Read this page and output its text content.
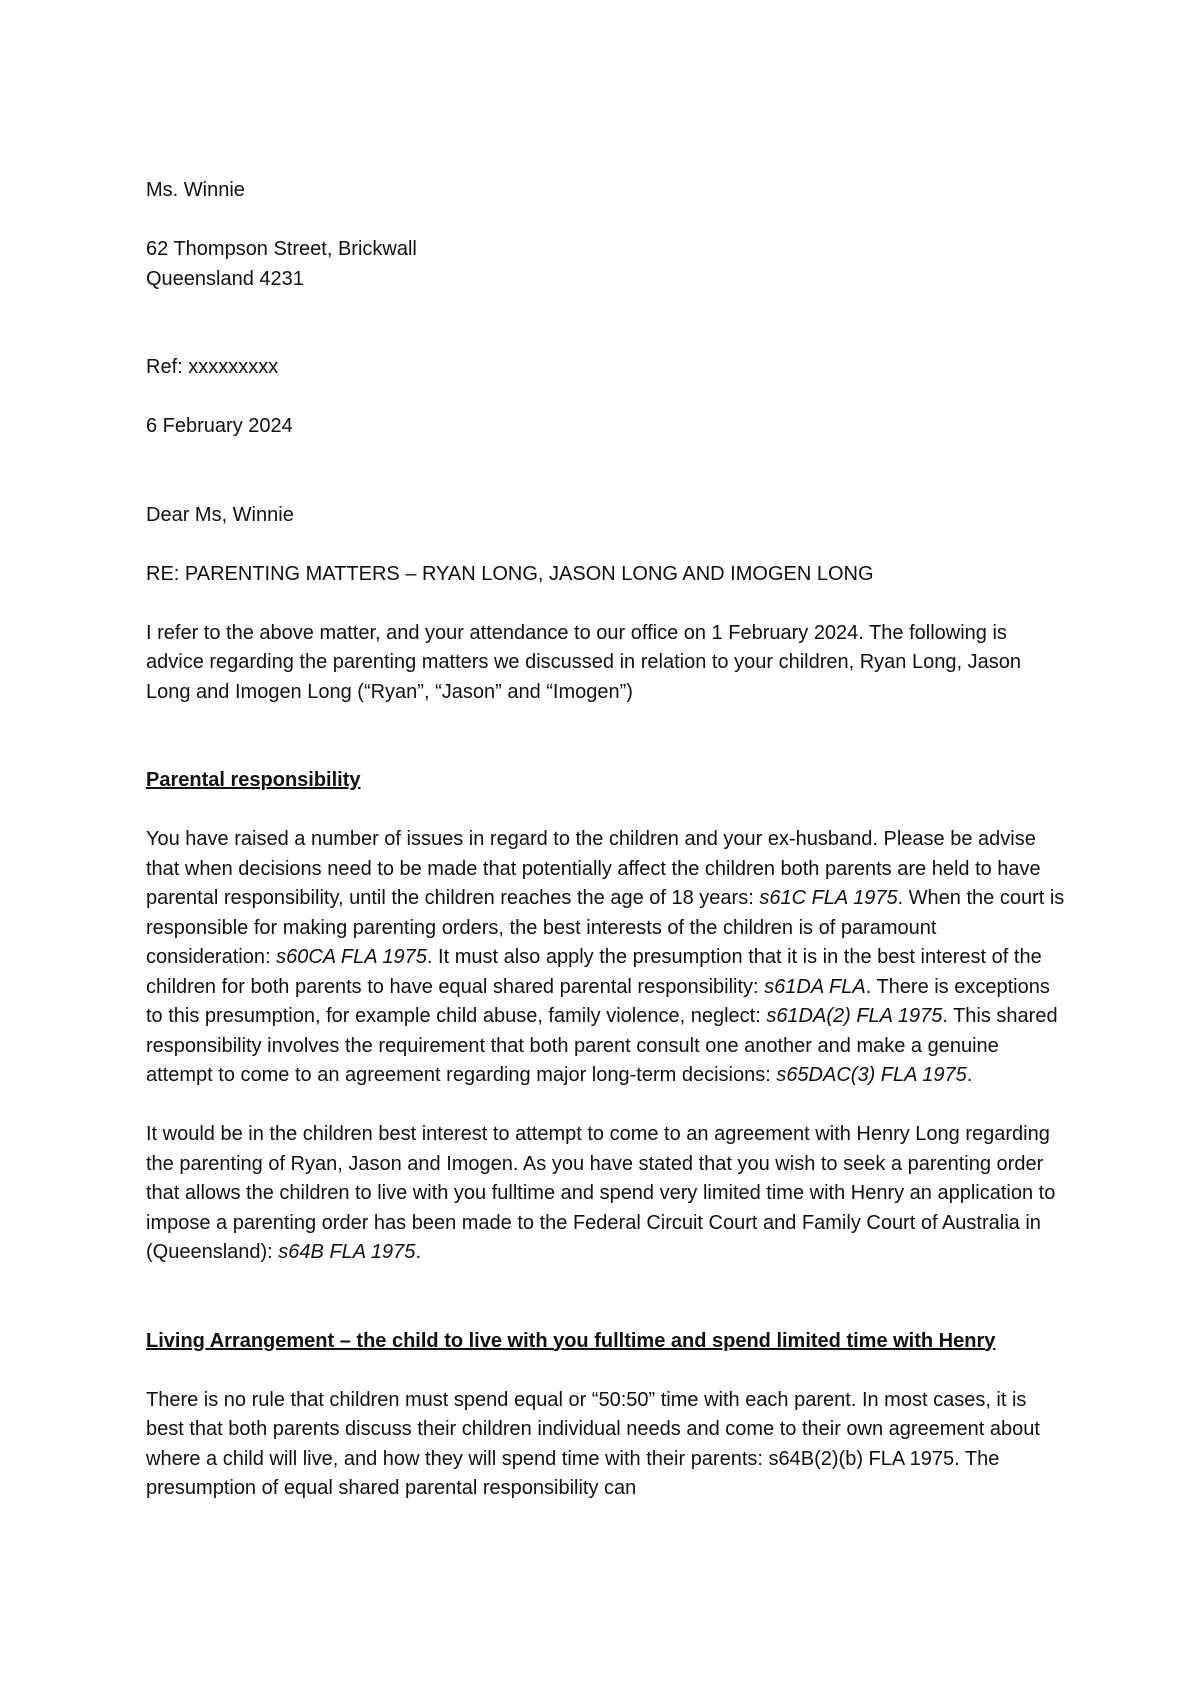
Ms. Winnie

62 Thompson Street, Brickwall
Queensland 4231

Ref: xxxxxxxxx

6 February 2024

Dear Ms, Winnie

RE: PARENTING MATTERS – RYAN LONG, JASON LONG AND IMOGEN LONG

I refer to the above matter, and your attendance to our office on 1 February 2024. The following is advice regarding the parenting matters we discussed in relation to your children, Ryan Long, Jason Long and Imogen Long (“Ryan”, “Jason” and “Imogen”)

Parental responsibility

You have raised a number of issues in regard to the children and your ex-husband. Please be advise that when decisions need to be made that potentially affect the children both parents are held to have parental responsibility, until the children reaches the age of 18 years: s61C FLA 1975. When the court is responsible for making parenting orders, the best interests of the children is of paramount consideration: s60CA FLA 1975. It must also apply the presumption that it is in the best interest of the children for both parents to have equal shared parental responsibility: s61DA FLA. There is exceptions to this presumption, for example child abuse, family violence, neglect: s61DA(2) FLA 1975. This shared responsibility involves the requirement that both parent consult one another and make a genuine attempt to come to an agreement regarding major long-term decisions: s65DAC(3) FLA 1975.

It would be in the children best interest to attempt to come to an agreement with Henry Long regarding the parenting of Ryan, Jason and Imogen. As you have stated that you wish to seek a parenting order that allows the children to live with you fulltime and spend very limited time with Henry an application to impose a parenting order has been made to the Federal Circuit Court and Family Court of Australia in (Queensland): s64B FLA 1975.

Living Arrangement – the child to live with you fulltime and spend limited time with Henry

There is no rule that children must spend equal or “50:50” time with each parent. In most cases, it is best that both parents discuss their children individual needs and come to their own agreement about where a child will live, and how they will spend time with their parents: s64B(2)(b) FLA 1975. The presumption of equal shared parental responsibility can
